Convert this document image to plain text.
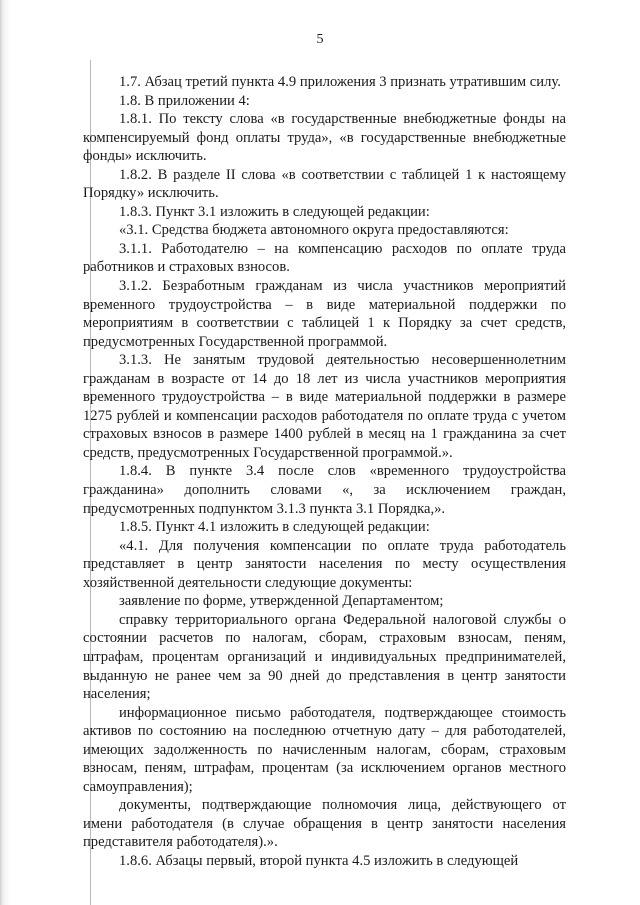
5

1.7. Абзац третий пункта 4.9 приложения 3 признать утратившим силу.

1.8. В приложении 4:

1.8.1. По тексту слова «в государственные внебюджетные фонды на компенсируемый фонд оплаты труда», «в государственные внебюджетные фонды» исключить.

1.8.2. В разделе II слова «в соответствии с таблицей 1 к настоящему Порядку» исключить.

1.8.3. Пункт 3.1 изложить в следующей редакции:

«3.1. Средства бюджета автономного округа предоставляются:

3.1.1. Работодателю – на компенсацию расходов по оплате труда работников и страховых взносов.

3.1.2. Безработным гражданам из числа участников мероприятий временного трудоустройства – в виде материальной поддержки по мероприятиям в соответствии с таблицей 1 к Порядку за счет средств, предусмотренных Государственной программой.

3.1.3. Не занятым трудовой деятельностью несовершеннолетним гражданам в возрасте от 14 до 18 лет из числа участников мероприятия временного трудоустройства – в виде материальной поддержки в размере 1275 рублей и компенсации расходов работодателя по оплате труда с учетом страховых взносов в размере 1400 рублей в месяц на 1 гражданина за счет средств, предусмотренных Государственной программой.».

1.8.4. В пункте 3.4 после слов «временного трудоустройства гражданина» дополнить словами «, за исключением граждан, предусмотренных подпунктом 3.1.3 пункта 3.1 Порядка,».

1.8.5. Пункт 4.1 изложить в следующей редакции:

«4.1. Для получения компенсации по оплате труда работодатель представляет в центр занятости населения по месту осуществления хозяйственной деятельности следующие документы:

заявление по форме, утвержденной Департаментом;

справку территориального органа Федеральной налоговой службы о состоянии расчетов по налогам, сборам, страховым взносам, пеням, штрафам, процентам организаций и индивидуальных предпринимателей, выданную не ранее чем за 90 дней до представления в центр занятости населения;

информационное письмо работодателя, подтверждающее стоимость активов по состоянию на последнюю отчетную дату – для работодателей, имеющих задолженность по начисленным налогам, сборам, страховым взносам, пеням, штрафам, процентам (за исключением органов местного самоуправления);

документы, подтверждающие полномочия лица, действующего от имени работодателя (в случае обращения в центр занятости населения представителя работодателя).».

1.8.6. Абзацы первый, второй пункта 4.5 изложить в следующей
